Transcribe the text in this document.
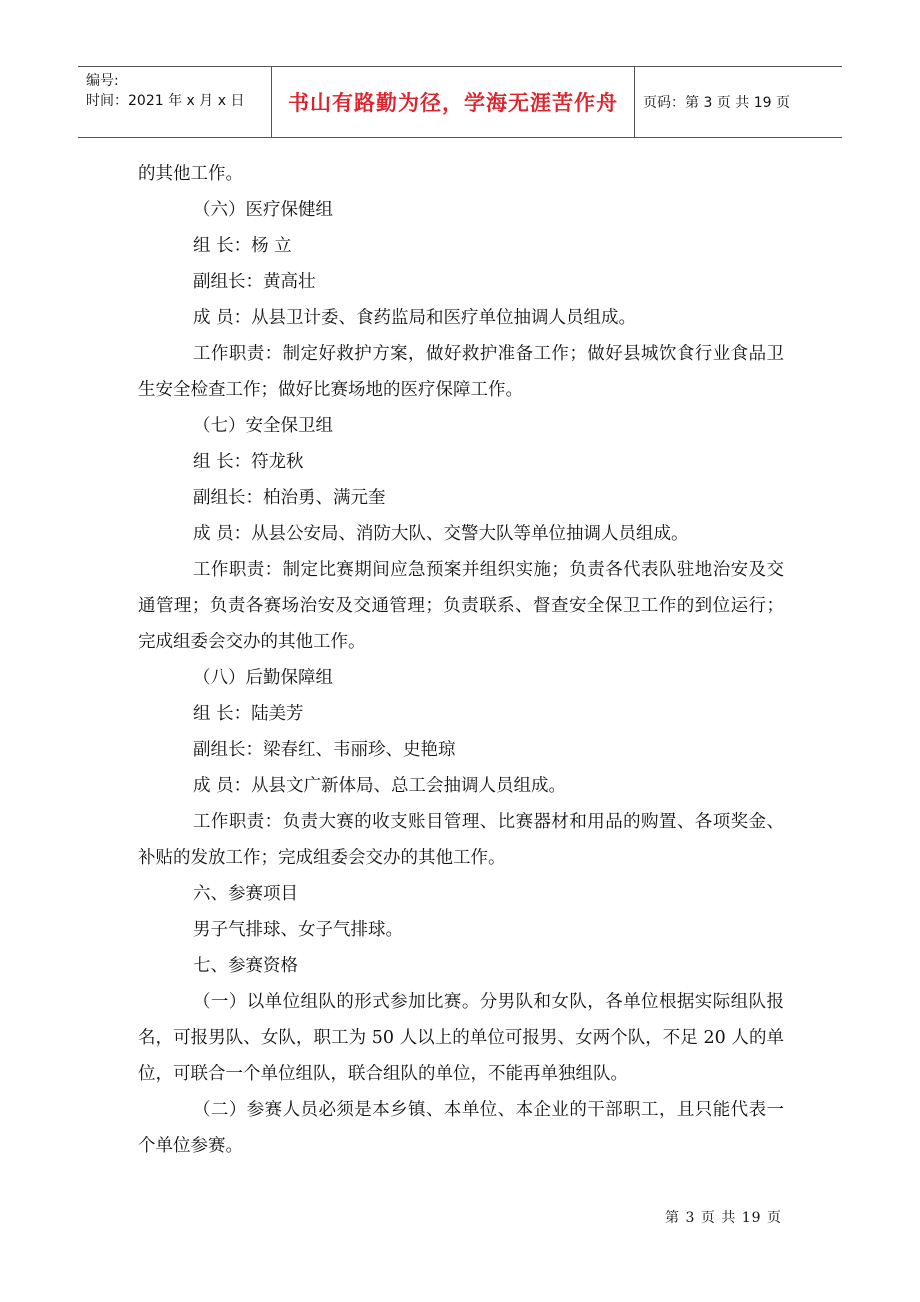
编号:
时间：2021 年 x 月 x 日	书山有路勤为径，学海无涯苦作舟	页码：第 3 页 共 19 页

的其他工作。

（六）医疗保健组

组 长：杨 立

副组长：黄高壮

成 员：从县卫计委、食药监局和医疗单位抽调人员组成。

工作职责：制定好救护方案，做好救护准备工作；做好县城饮食行业食品卫生安全检查工作；做好比赛场地的医疗保障工作。

（七）安全保卫组

组 长：符龙秋

副组长：柏治勇、满元奎

成 员：从县公安局、消防大队、交警大队等单位抽调人员组成。

工作职责：制定比赛期间应急预案并组织实施；负责各代表队驻地治安及交通管理；负责各赛场治安及交通管理；负责联系、督查安全保卫工作的到位运行；完成组委会交办的其他工作。

（八）后勤保障组

组 长：陆美芳

副组长：梁春红、韦丽珍、史艳琼

成 员：从县文广新体局、总工会抽调人员组成。

工作职责：负责大赛的收支账目管理、比赛器材和用品的购置、各项奖金、补贴的发放工作；完成组委会交办的其他工作。

六、参赛项目

男子气排球、女子气排球。

七、参赛资格

（一）以单位组队的形式参加比赛。分男队和女队，各单位根据实际组队报名，可报男队、女队，职工为 50 人以上的单位可报男、女两个队，不足 20 人的单位，可联合一个单位组队，联合组队的单位，不能再单独组队。

（二）参赛人员必须是本乡镇、本单位、本企业的干部职工，且只能代表一个单位参赛。

第 3 页 共 19 页
